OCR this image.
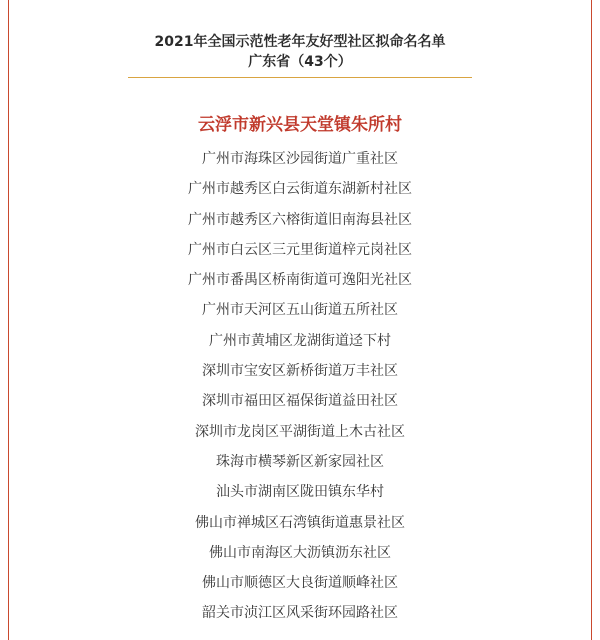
2021年全国示范性老年友好型社区拟命名名单
广东省（43个）
云浮市新兴县天堂镇朱所村
广州市海珠区沙园街道广重社区
广州市越秀区白云街道东湖新村社区
广州市越秀区六榕街道旧南海县社区
广州市白云区三元里街道梓元岗社区
广州市番禺区桥南街道可逸阳光社区
广州市天河区五山街道五所社区
广州市黄埔区龙湖街道迳下村
深圳市宝安区新桥街道万丰社区
深圳市福田区福保街道益田社区
深圳市龙岗区平湖街道上木古社区
珠海市横琴新区新家园社区
汕头市湖南区陇田镇东华村
佛山市禅城区石湾镇街道惠景社区
佛山市南海区大沥镇沥东社区
佛山市顺德区大良街道顺峰社区
韶关市浈江区风采街环园路社区
